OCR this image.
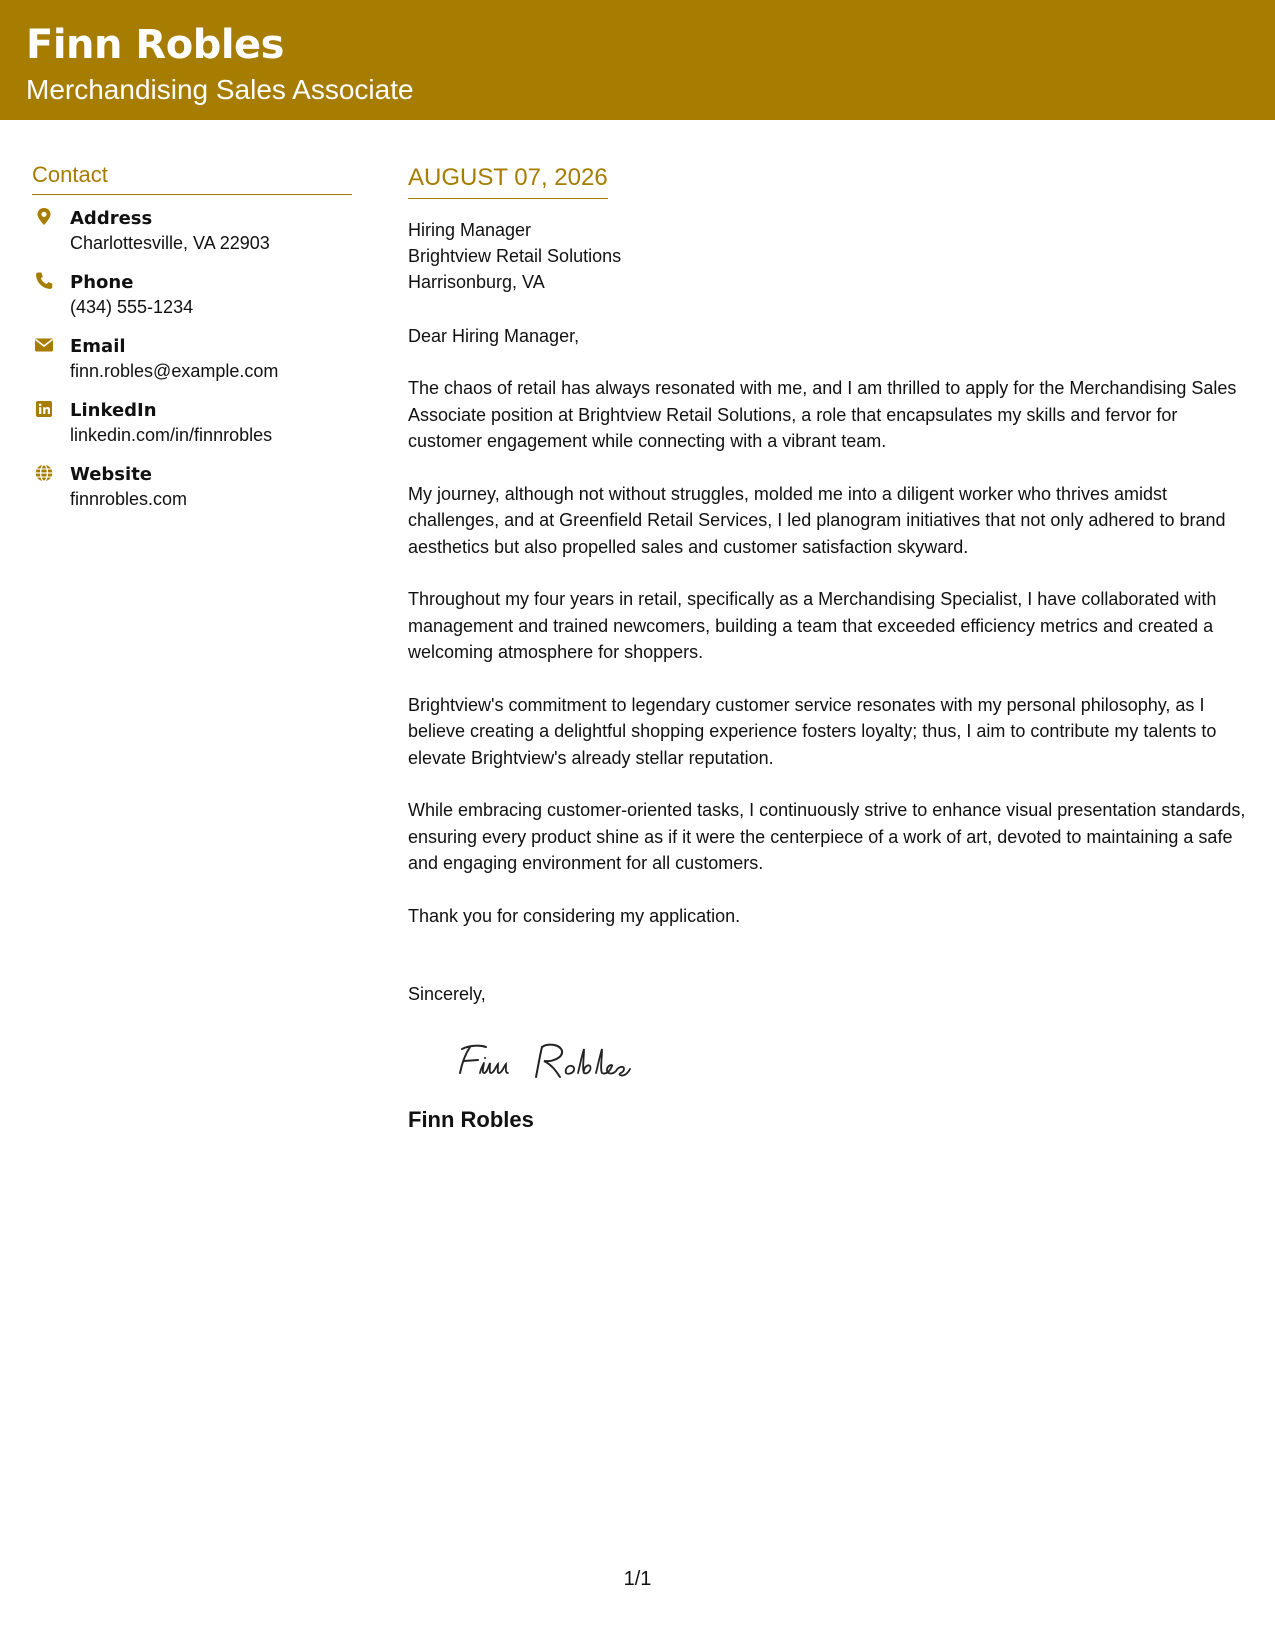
Finn Robles
Merchandising Sales Associate
Contact
Address
Charlottesville, VA 22903
Phone
(434) 555-1234
Email
finn.robles@example.com
LinkedIn
linkedin.com/in/finnrobles
Website
finnrobles.com
AUGUST 07, 2026
Hiring Manager
Brightview Retail Solutions
Harrisonburg, VA
Dear Hiring Manager,
The chaos of retail has always resonated with me, and I am thrilled to apply for the Merchandising Sales Associate position at Brightview Retail Solutions, a role that encapsulates my skills and fervor for customer engagement while connecting with a vibrant team.
My journey, although not without struggles, molded me into a diligent worker who thrives amidst challenges, and at Greenfield Retail Services, I led planogram initiatives that not only adhered to brand aesthetics but also propelled sales and customer satisfaction skyward.
Throughout my four years in retail, specifically as a Merchandising Specialist, I have collaborated with management and trained newcomers, building a team that exceeded efficiency metrics and created a welcoming atmosphere for shoppers.
Brightview's commitment to legendary customer service resonates with my personal philosophy, as I believe creating a delightful shopping experience fosters loyalty; thus, I aim to contribute my talents to elevate Brightview's already stellar reputation.
While embracing customer-oriented tasks, I continuously strive to enhance visual presentation standards, ensuring every product shine as if it were the centerpiece of a work of art, devoted to maintaining a safe and engaging environment for all customers.
Thank you for considering my application.
Sincerely,
Finn Robles
1/1
